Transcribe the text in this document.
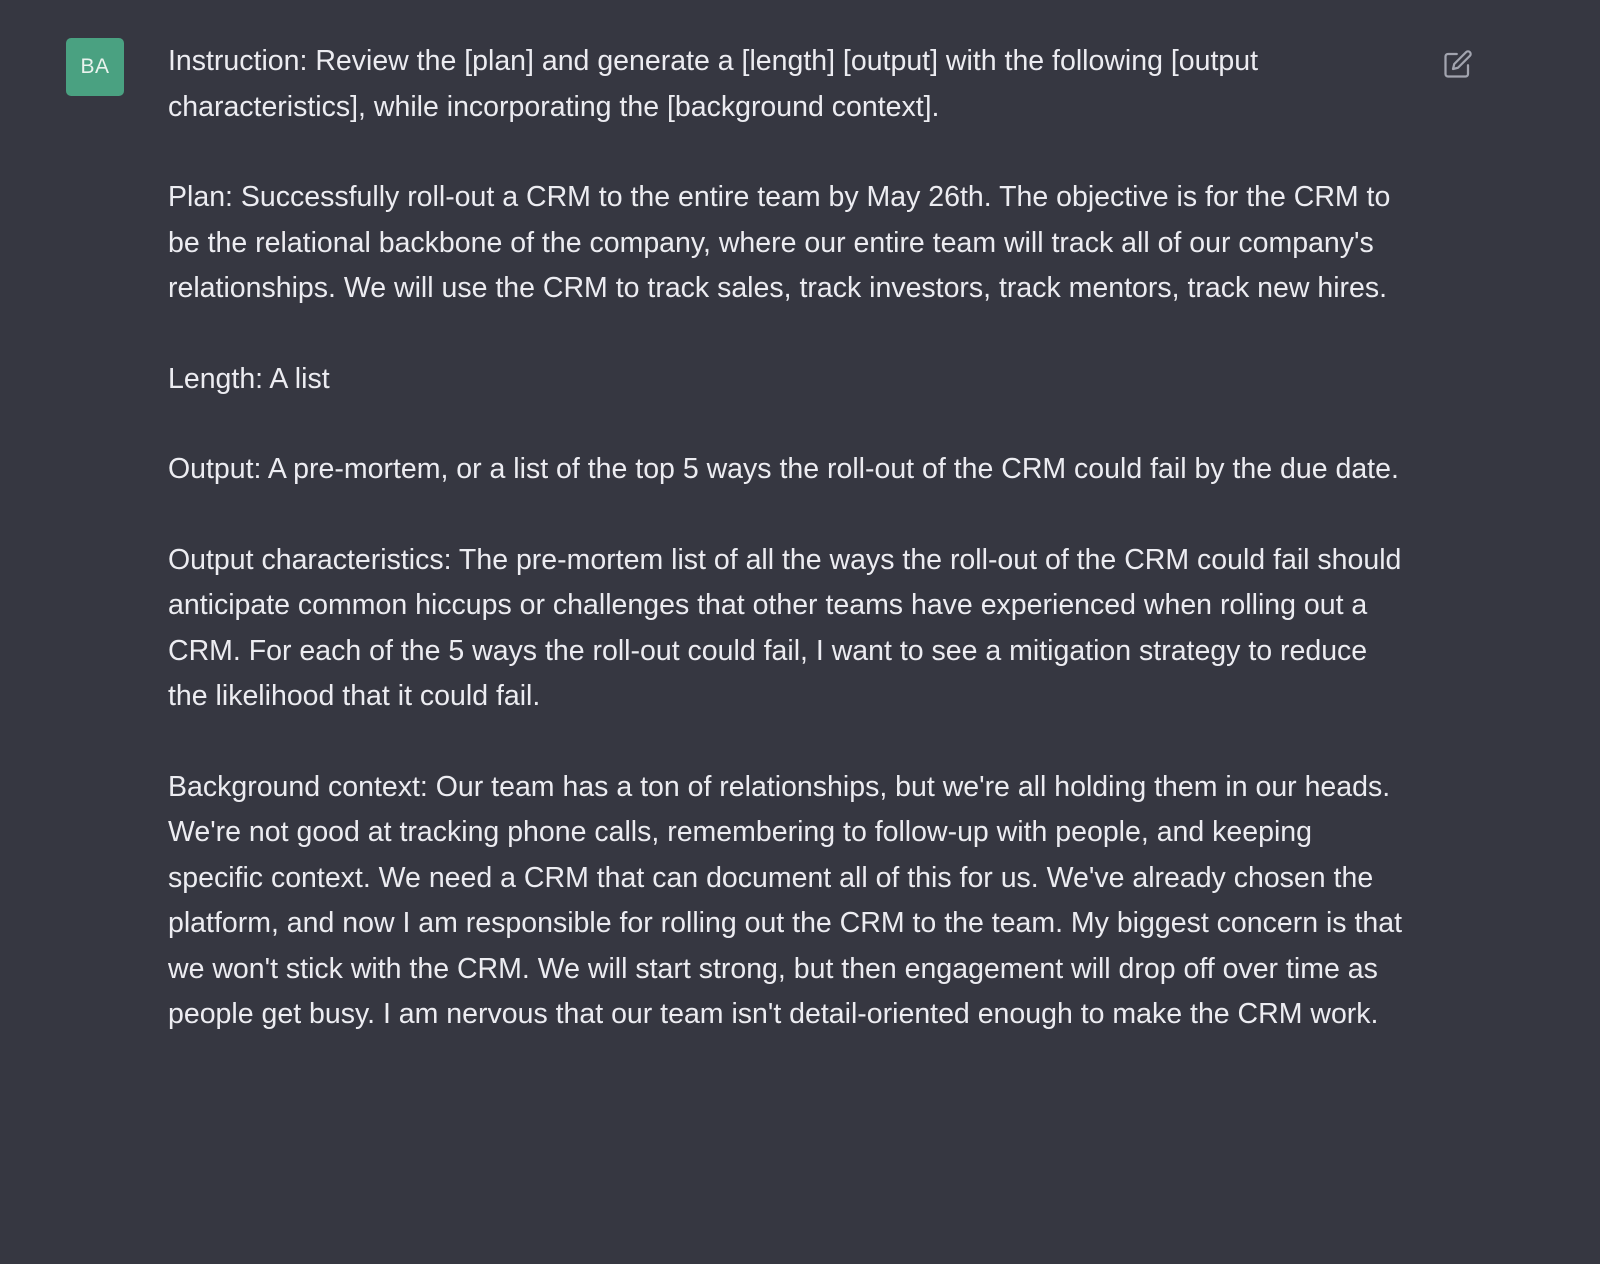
BA Instruction: Review the [plan] and generate a [length] [output] with the following [output characteristics], while incorporating the [background context].

Plan: Successfully roll-out a CRM to the entire team by May 26th. The objective is for the CRM to be the relational backbone of the company, where our entire team will track all of our company's relationships. We will use the CRM to track sales, track investors, track mentors, track new hires.

Length: A list

Output: A pre-mortem, or a list of the top 5 ways the roll-out of the CRM could fail by the due date.

Output characteristics: The pre-mortem list of all the ways the roll-out of the CRM could fail should anticipate common hiccups or challenges that other teams have experienced when rolling out a CRM. For each of the 5 ways the roll-out could fail, I want to see a mitigation strategy to reduce the likelihood that it could fail.

Background context: Our team has a ton of relationships, but we're all holding them in our heads. We're not good at tracking phone calls, remembering to follow-up with people, and keeping specific context. We need a CRM that can document all of this for us. We've already chosen the platform, and now I am responsible for rolling out the CRM to the team. My biggest concern is that we won't stick with the CRM. We will start strong, but then engagement will drop off over time as people get busy. I am nervous that our team isn't detail-oriented enough to make the CRM work.
